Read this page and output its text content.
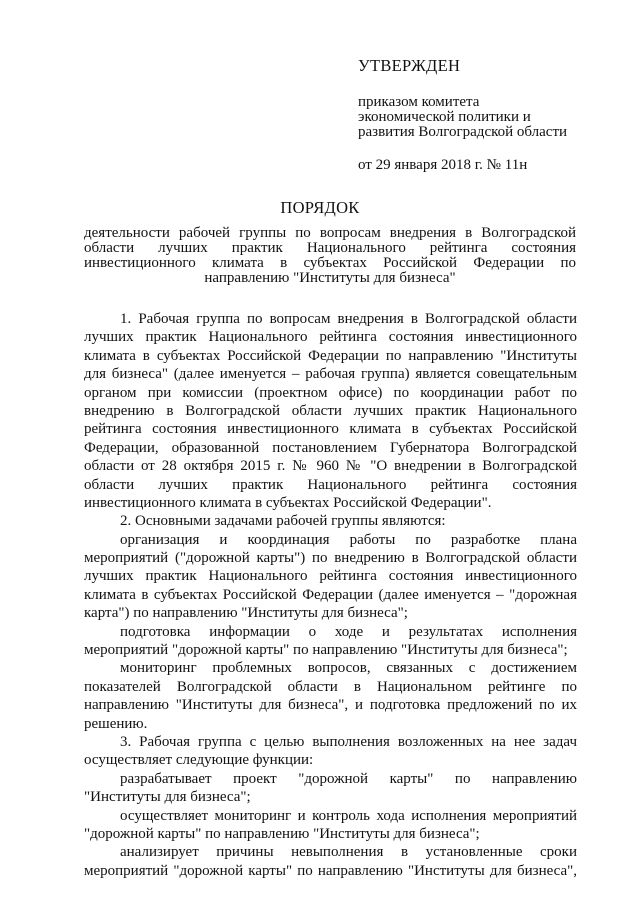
УТВЕРЖДЕН
приказом комитета
экономической политики и
развития Волгоградской области
от 29 января 2018 г. № 11н
ПОРЯДОК
деятельности рабочей группы по вопросам внедрения в Волгоградской
области лучших практик Национального рейтинга состояния
инвестиционного климата в субъектах Российской Федерации по
направлению "Институты для бизнеса"
1. Рабочая группа по вопросам внедрения в Волгоградской области
лучших практик Национального рейтинга состояния инвестиционного
климата в субъектах Российской Федерации по направлению "Институты
для бизнеса" (далее именуется – рабочая группа) является совещательным
органом при комиссии (проектном офисе) по координации работ по
внедрению в Волгоградской области лучших практик Национального
рейтинга состояния инвестиционного климата в субъектах Российской
Федерации, образованной постановлением Губернатора Волгоградской
области от 28 октября 2015 г. № 960 № "О внедрении в Волгоградской
области лучших практик Национального рейтинга состояния
инвестиционного климата в субъектах Российской Федерации".
2. Основными задачами рабочей группы являются:
организация и координация работы по разработке плана
мероприятий ("дорожной карты") по внедрению в Волгоградской области
лучших практик Национального рейтинга состояния инвестиционного
климата в субъектах Российской Федерации (далее именуется – "дорожная
карта") по направлению "Институты для бизнеса";
подготовка информации о ходе и результатах исполнения
мероприятий "дорожной карты" по направлению "Институты для бизнеса";
мониторинг проблемных вопросов, связанных с достижением
показателей Волгоградской области в Национальном рейтинге по
направлению "Институты для бизнеса", и подготовка предложений по их
решению.
3. Рабочая группа с целью выполнения возложенных на нее задач
осуществляет следующие функции:
разрабатывает проект "дорожной карты" по направлению
"Институты для бизнеса";
осуществляет мониторинг и контроль хода исполнения мероприятий
"дорожной карты" по направлению "Институты для бизнеса";
анализирует причины невыполнения в установленные сроки
мероприятий "дорожной карты" по направлению "Институты для бизнеса",
